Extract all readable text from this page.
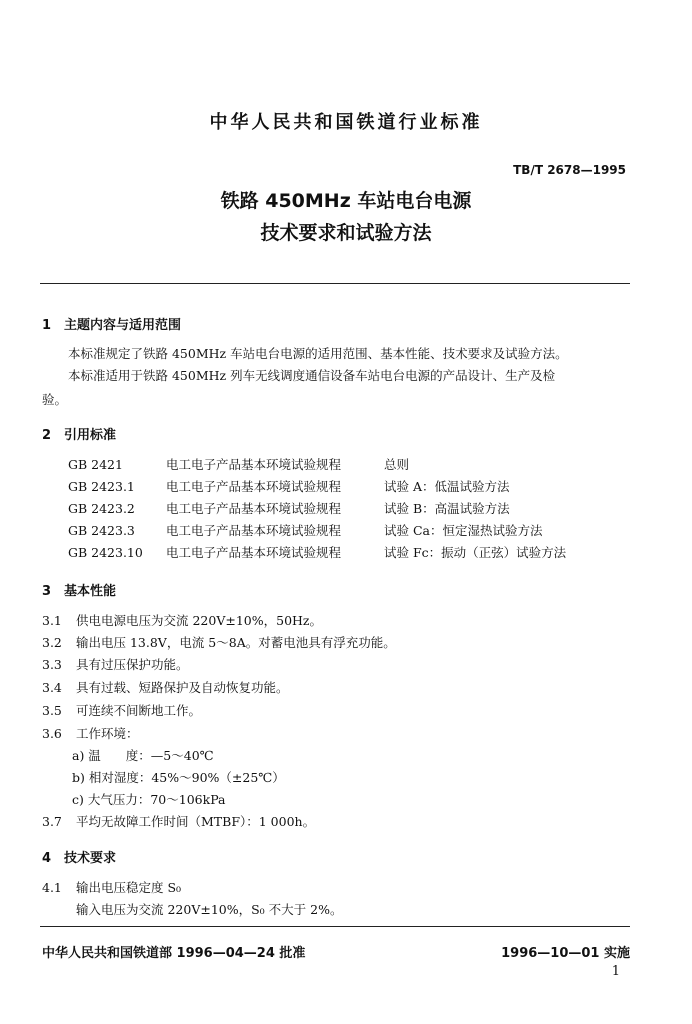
中华人民共和国铁道行业标准
TB/T 2678—1995
铁路 450MHz 车站电台电源
技术要求和试验方法
1　主题内容与适用范围
本标准规定了铁路 450MHz 车站电台电源的适用范围、基本性能、技术要求及试验方法。
本标准适用于铁路 450MHz 列车无线调度通信设备车站电台电源的产品设计、生产及检
验。
2　引用标准
GB 2421	电工电子产品基本环境试验规程	总则
GB 2423.1 电工电子产品基本环境试验规程	试验 A：低温试验方法
GB 2423.2 电工电子产品基本环境试验规程	试验 B：高温试验方法
GB 2423.3 电工电子产品基本环境试验规程	试验 Ca：恒定湿热试验方法
GB 2423.10 电工电子产品基本环境试验规程	试验 Fc：振动（正弦）试验方法
3　基本性能
3.1 供电电源电压为交流 220V±10%，50Hz。
3.2 输出电压 13.8V，电流 5～8A。对蓄电池具有浮充功能。
3.3 具有过压保护功能。
3.4 具有过载、短路保护及自动恢复功能。
3.5 可连续不间断地工作。
3.6 工作环境：
a) 温　　度：—5～40℃
b) 相对湿度：45%～90%（±25℃）
c) 大气压力：70～106kPa
3.7 平均无故障工作时间（MTBF）：1 000h。
4　技术要求
4.1 输出电压稳定度 S₀
输入电压为交流 220V±10%，S₀ 不大于 2%。
中华人民共和国铁道部 1996—04—24 批准	1996—10—01 实施
1
